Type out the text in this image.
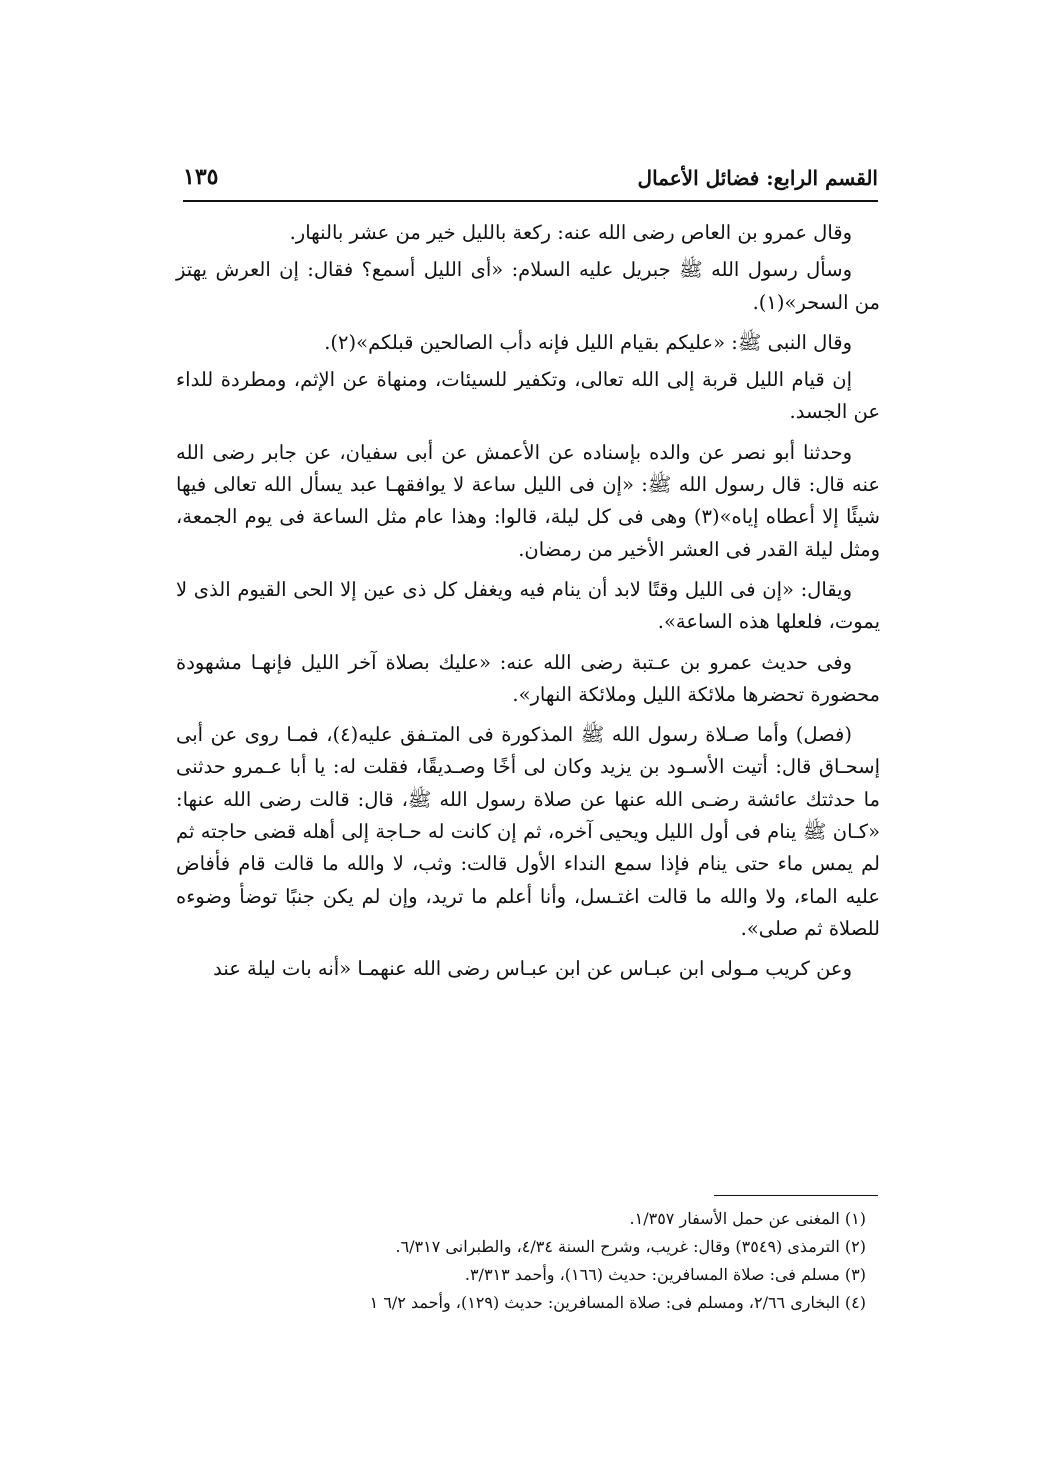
القسم الرابع: فضائل الأعمال
١٣٥

وقال عمرو بن العاص رضى الله عنه: ركعة بالليل خير من عشر بالنهار.

وسأل رسول الله ﷺ جبريل عليه السلام: «أى الليل أسمع؟ فقال: إن العرش يهتز من السحر»(١).

وقال النبى ﷺ: «عليكم بقيام الليل فإنه دأب الصالحين قبلكم»(٢).

إن قيام الليل قربة إلى الله تعالى، وتكفير للسيئات، ومنهاة عن الإثم، ومطردة للداء عن الجسد.

وحدثنا أبو نصر عن والده بإسناده عن الأعمش عن أبى سفيان، عن جابر رضى الله عنه قال: قال رسول الله ﷺ: «إن فى الليل ساعة لا يوافقهـا عبد يسأل الله تعالى فيها شيئًا إلا أعطاه إياه»(٣) وهى فى كل ليلة، قالوا: وهذا عام مثل الساعة فى يوم الجمعة، ومثل ليلة القدر فى العشر الأخير من رمضان.

ويقال: «إن فى الليل وقتًا لابد أن ينام فيه ويغفل كل ذى عين إلا الحى القيوم الذى لا يموت، فلعلها هذه الساعة».

وفى حديث عمرو بن عـتبة رضى الله عنه: «عليك بصلاة آخر الليل فإنهـا مشهودة محضورة تحضرها ملائكة الليل وملائكة النهار».

(فصل) وأما صـلاة رسول الله ﷺ المذكورة فى المتـفق عليه(٤)، فمـا روى عن أبى إسحـاق قال: أتيت الأسـود بن يزيد وكان لى أخًا وصـديقًا، فقلت له: يا أبا عـمرو حدثنى ما حدثتك عائشة رضـى الله عنها عن صلاة رسول الله ﷺ، قال: قالت رضى الله عنها: «كـان ﷺ ينام فى أول الليل ويحيى آخره، ثم إن كانت له حـاجة إلى أهله قضى حاجته ثم لم يمس ماء حتى ينام فإذا سمع النداء الأول قالت: وثب، لا والله ما قالت قام فأفاض عليه الماء، ولا والله ما قالت اغتـسل، وأنا أعلم ما تريد، وإن لم يكن جنبًا توضأ وضوءه للصلاة ثم صلى».

وعن كريب مـولى ابن عبـاس عن ابن عبـاس رضى الله عنهمـا «أنه بات ليلة عند

(١) المغنى عن حمل الأسفار ١/٣٥٧.
(٢) الترمذى (٣٥٤٩) وقال: غريب، وشرح السنة ٤/٣٤، والطبرانى ٦/٣١٧.
(٣) مسلم فى: صلاة المسافرين: حديث (١٦٦)، وأحمد ٣/٣١٣.
(٤) البخارى ٢/٦٦، ومسلم فى: صلاة المسافرين: حديث (١٢٩)، وأحمد ٦/٢ ١
